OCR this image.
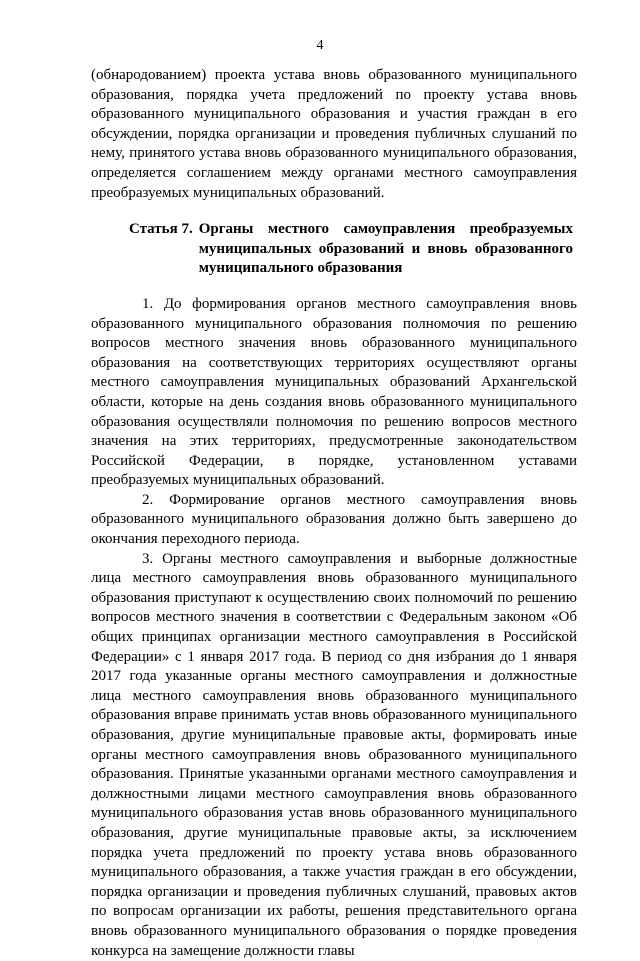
4

(обнародованием) проекта устава вновь образованного муниципального образования, порядка учета предложений по проекту устава вновь образованного муниципального образования и участия граждан в его обсуждении, порядка организации и проведения публичных слушаний по нему, принятого устава вновь образованного муниципального образования, определяется соглашением между органами местного самоуправления преобразуемых муниципальных образований.

Статья 7. Органы местного самоуправления преобразуемых муниципальных образований и вновь образованного муниципального образования

1. До формирования органов местного самоуправления вновь образованного муниципального образования полномочия по решению вопросов местного значения вновь образованного муниципального образования на соответствующих территориях осуществляют органы местного самоуправления муниципальных образований Архангельской области, которые на день создания вновь образованного муниципального образования осуществляли полномочия по решению вопросов местного значения на этих территориях, предусмотренные законодательством Российской Федерации, в порядке, установленном уставами преобразуемых муниципальных образований.

2. Формирование органов местного самоуправления вновь образованного муниципального образования должно быть завершено до окончания переходного периода.

3. Органы местного самоуправления и выборные должностные лица местного самоуправления вновь образованного муниципального образования приступают к осуществлению своих полномочий по решению вопросов местного значения в соответствии с Федеральным законом «Об общих принципах организации местного самоуправления в Российской Федерации» с 1 января 2017 года. В период со дня избрания до 1 января 2017 года указанные органы местного самоуправления и должностные лица местного самоуправления вновь образованного муниципального образования вправе принимать устав вновь образованного муниципального образования, другие муниципальные правовые акты, формировать иные органы местного самоуправления вновь образованного муниципального образования. Принятые указанными органами местного самоуправления и должностными лицами местного самоуправления вновь образованного муниципального образования устав вновь образованного муниципального образования, другие муниципальные правовые акты, за исключением порядка учета предложений по проекту устава вновь образованного муниципального образования, а также участия граждан в его обсуждении, порядка организации и проведения публичных слушаний, правовых актов по вопросам организации их работы, решения представительного органа вновь образованного муниципального образования о порядке проведения конкурса на замещение должности главы
